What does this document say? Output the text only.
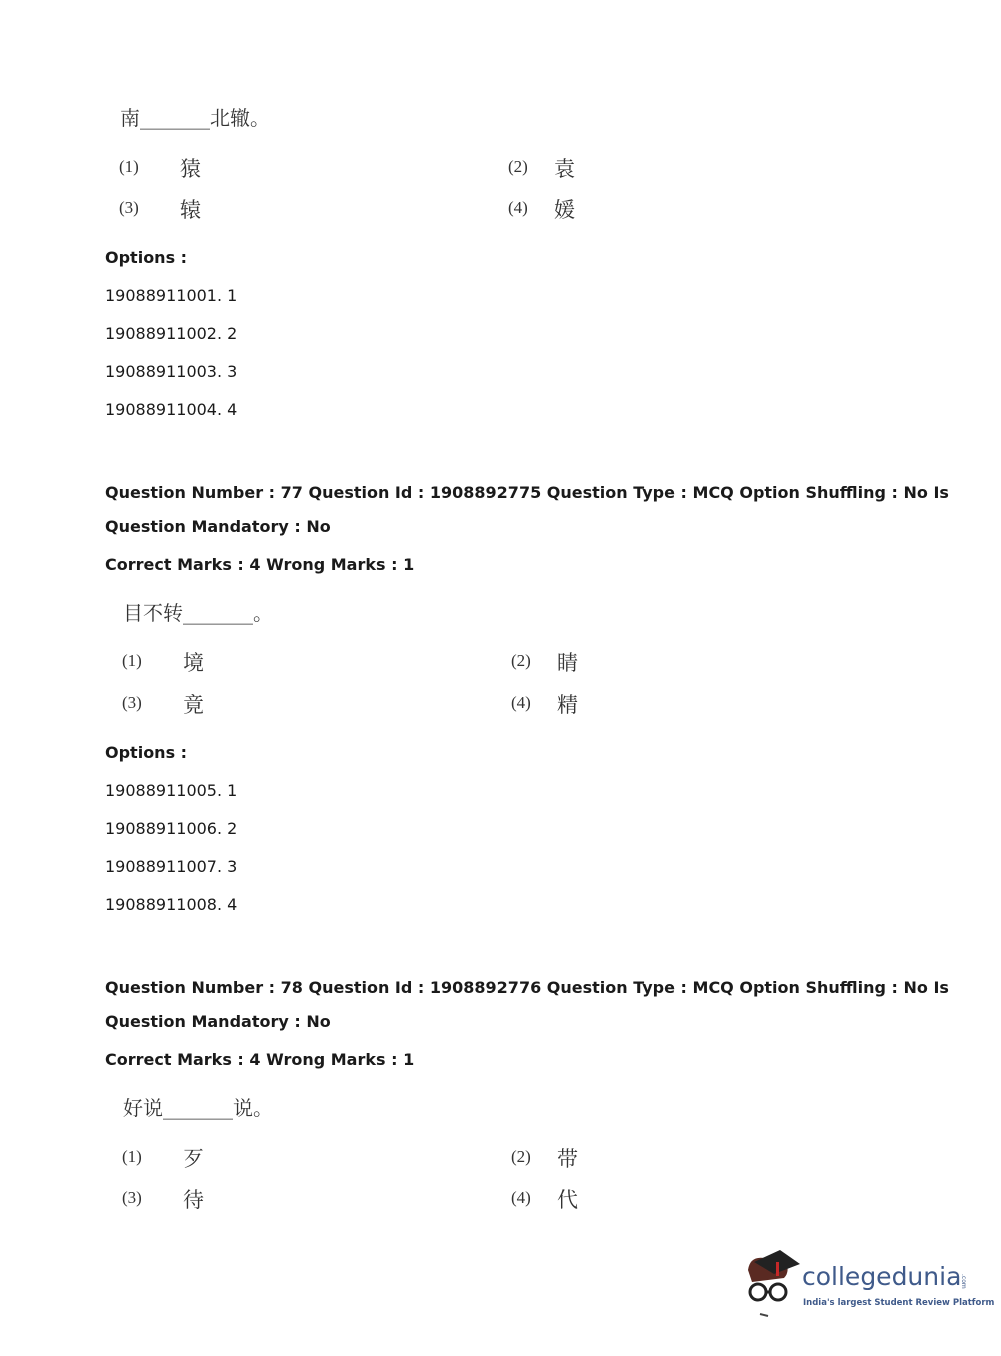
南_______北辙。
(1) 猿	(2) 袁
(3) 辕	(4) 媛
Options :
19088911001. 1
19088911002. 2
19088911003. 3
19088911004. 4
Question Number : 77 Question Id : 1908892775 Question Type : MCQ Option Shuffling : No Is
Question Mandatory : No
Correct Marks : 4 Wrong Marks : 1
目不转_______。
(1) 境	(2) 睛
(3) 竟	(4) 精
Options :
19088911005. 1
19088911006. 2
19088911007. 3
19088911008. 4
Question Number : 78 Question Id : 1908892776 Question Type : MCQ Option Shuffling : No Is
Question Mandatory : No
Correct Marks : 4 Wrong Marks : 1
好说_______说。
(1) 歹	(2) 带
(3) 待	(4) 代
collegedunia
.com
India's largest Student Review Platform
